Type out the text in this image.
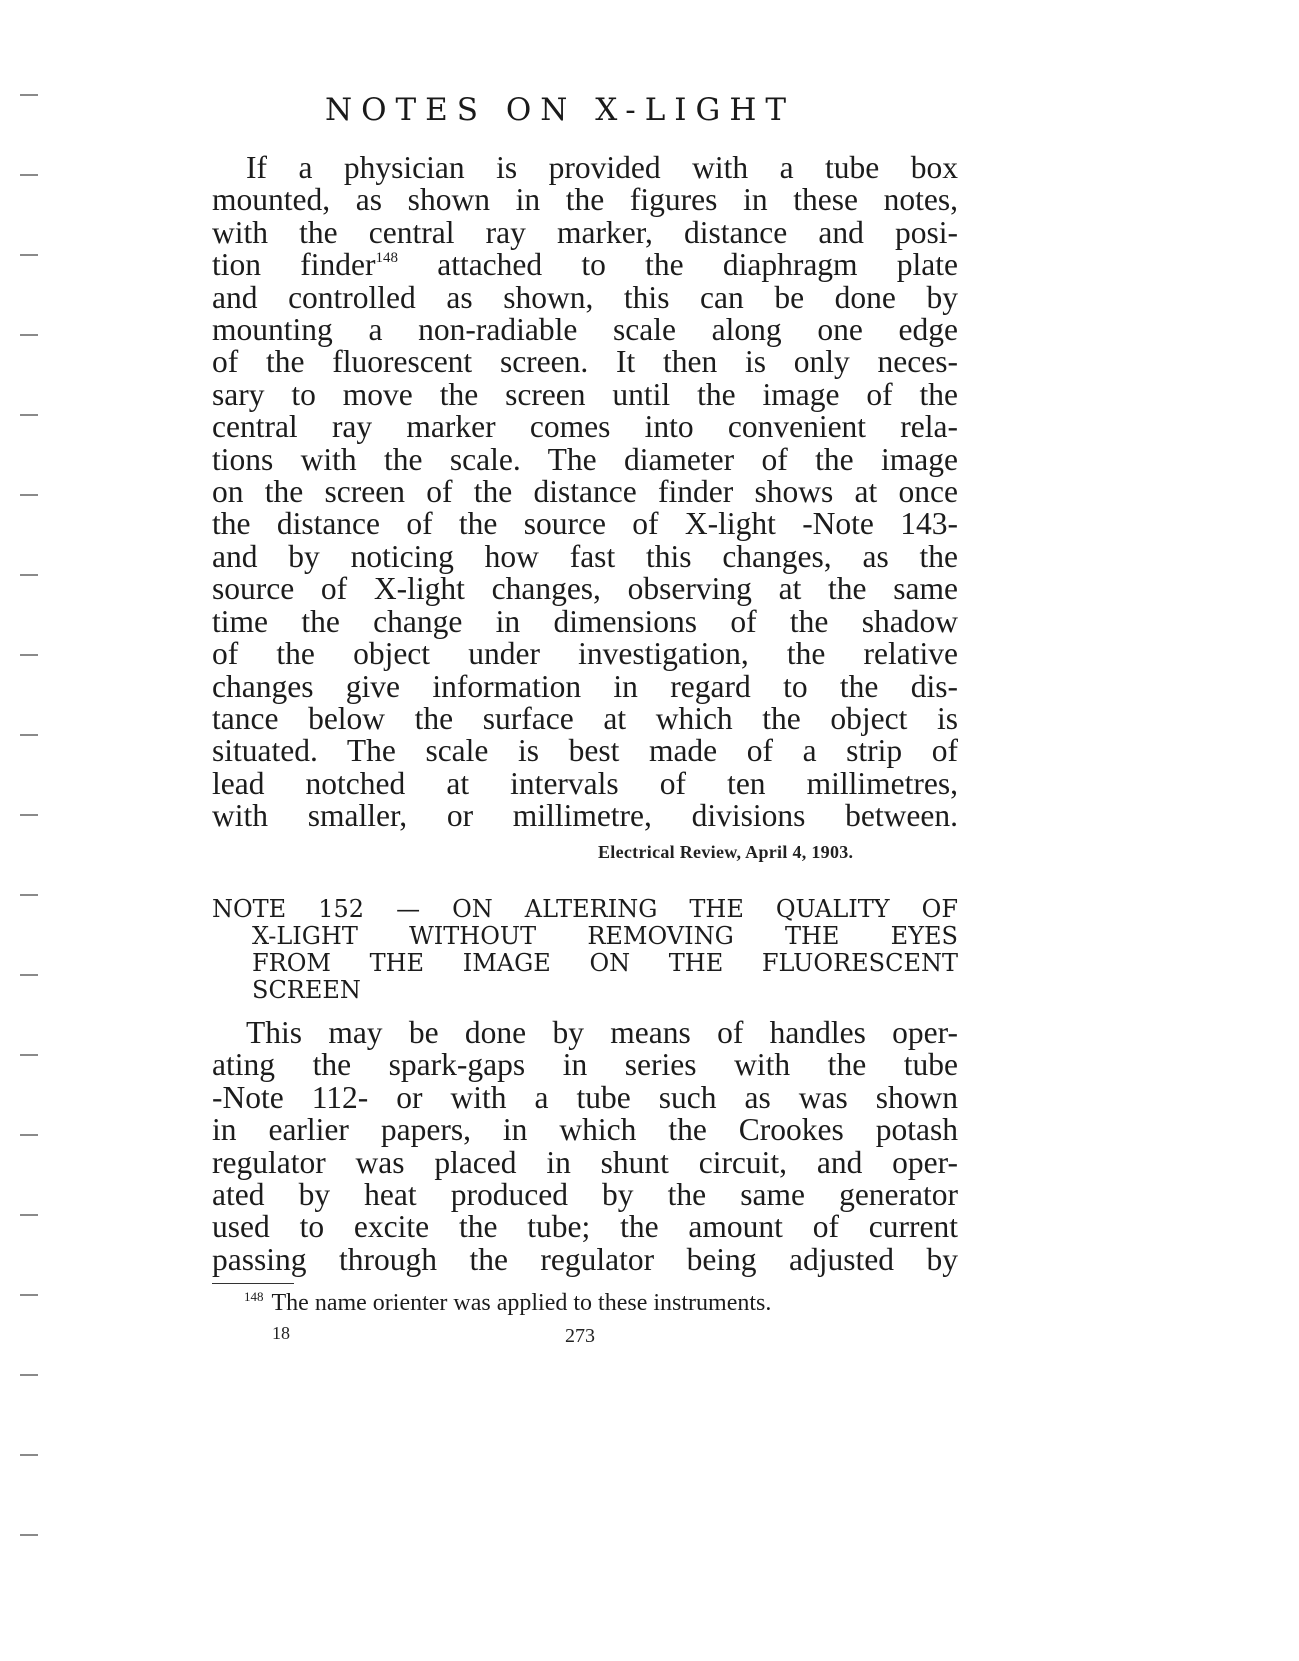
NOTES ON X-LIGHT
If a physician is provided with a tube box
mounted, as shown in the figures in these notes,
with the central ray marker, distance and posi-
tion finder$^{148}$ attached to the diaphragm plate
and controlled as shown, this can be done by
mounting a non-radiable scale along one edge
of the fluorescent screen. It then is only neces-
sary to move the screen until the image of the
central ray marker comes into convenient rela-
tions with the scale. The diameter of the image
on the screen of the distance finder shows at once
the distance of the source of X-light -Note 143-
and by noticing how fast this changes, as the
source of X-light changes, observing at the same
time the change in dimensions of the shadow
of the object under investigation, the relative
changes give information in regard to the dis-
tance below the surface at which the object is
situated. The scale is best made of a strip of
lead notched at intervals of ten millimetres,
with smaller, or millimetre, divisions between.
Electrical Review, April 4, 1903.
NOTE 152 — ON ALTERING THE QUALITY OF
X-LIGHT WITHOUT REMOVING THE EYES
FROM THE IMAGE ON THE FLUORESCENT
SCREEN
This may be done by means of handles oper-
ating the spark-gaps in series with the tube
-Note 112- or with a tube such as was shown
in earlier papers, in which the Crookes potash
regulator was placed in shunt circuit, and oper-
ated by heat produced by the same generator
used to excite the tube; the amount of current
passing through the regulator being adjusted by
$^{148}$ The name orienter was applied to these instruments.
18	273
